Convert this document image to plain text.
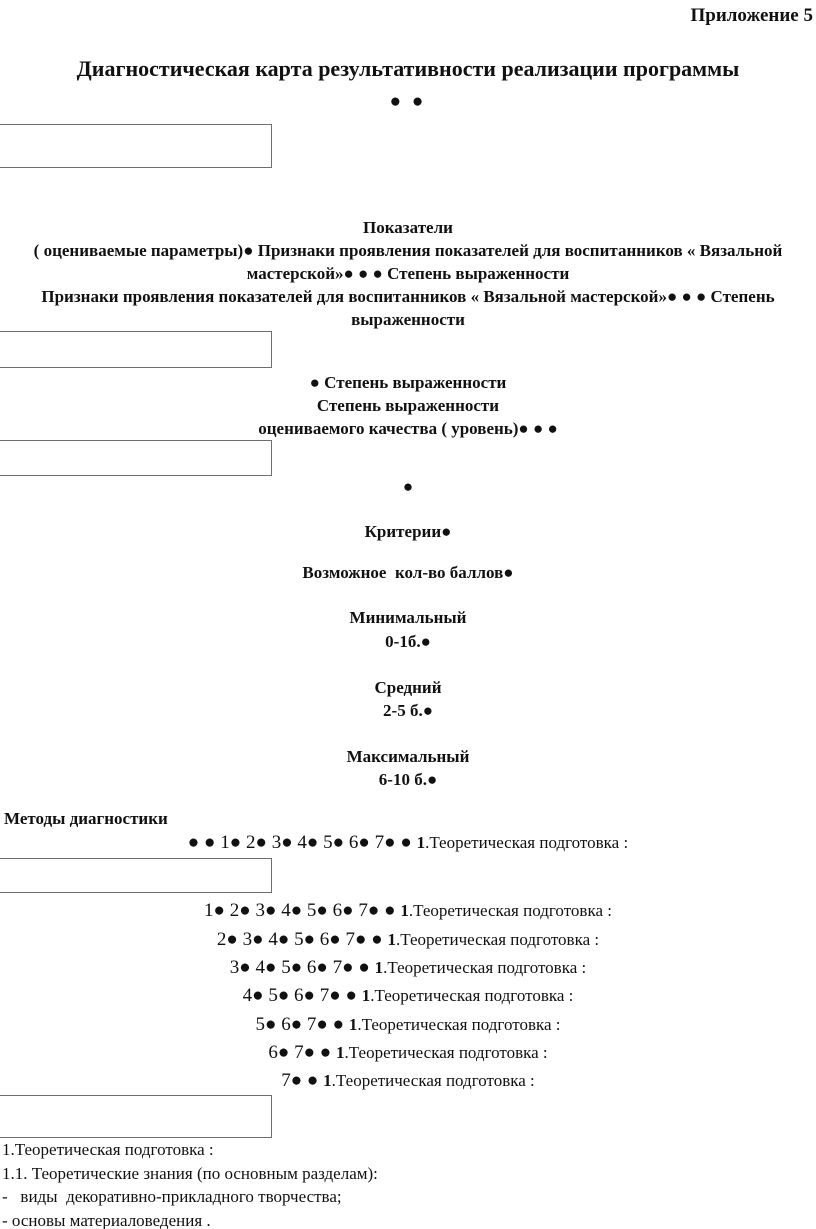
Приложение 5
Диагностическая карта результативности реализации программы
● ●
Показатели
( оцениваемые параметры)● Признаки проявления показателей для воспитанников « Вязальной
мастерской»● ● ● Степень выраженности
Признаки проявления показателей для воспитанников « Вязальной мастерской»● ● ● Степень
выраженности
● Степень выраженности
Степень выраженности
оцениваемого качества ( уровень)● ● ●
●
Критерии●
Возможное  кол-во баллов●
Минимальный
0-1б.●
Средний
2-5 б.●
Максимальный
6-10 б.●
Методы диагностики
● ● 1● 2● 3● 4● 5● 6● 7● ● 1.Теоретическая подготовка :
1● 2● 3● 4● 5● 6● 7● ● 1.Теоретическая подготовка :
2● 3● 4● 5● 6● 7● ● 1.Теоретическая подготовка :
3● 4● 5● 6● 7● ● 1.Теоретическая подготовка :
4● 5● 6● 7● ● 1.Теоретическая подготовка :
5● 6● 7● ● 1.Теоретическая подготовка :
6● 7● ● 1.Теоретическая подготовка :
7● ● 1.Теоретическая подготовка :
1.Теоретическая подготовка :
1.1. Теоретические знания (по основным разделам):
-   виды  декоративно-прикладного творчества;
- основы материаловедения .
